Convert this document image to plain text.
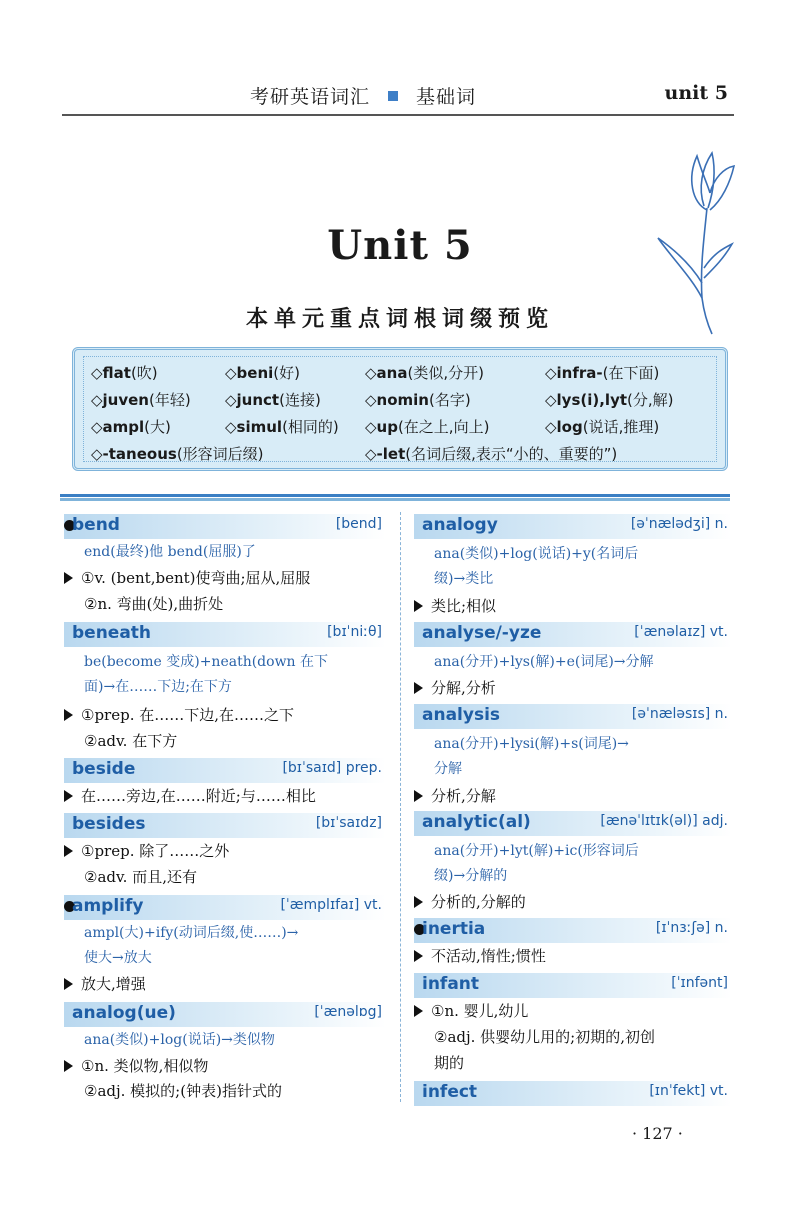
考研英语词汇 基础词	unit 5
Unit 5
本单元重点词根词缀预览
◇flat(吹)	◇beni(好)	◇ana(类似,分开)	◇infra-(在下面)
◇juven(年轻) ◇junct(连接)	◇nomin(名字)	◇lys(i),lyt(分,解)
◇ampl(大)	◇simul(相同的) ◇up(在之上,向上)	◇log(说话,推理)
◇-taneous(形容词后缀)	◇-let(名词后缀,表示“小的、重要的”)
bend	[bend]
end(最终)他 bend(屈服)了
①v. (bent,bent)使弯曲;屈从,屈服
②n. 弯曲(处),曲折处
beneath	[bɪˈniːθ]
be(become 变成)+neath(down 在下
面)→在……下边;在下方
①prep. 在……下边,在……之下
②adv. 在下方
beside	[bɪˈsaɪd] prep.
在……旁边,在……附近;与……相比
besides	[bɪˈsaɪdz]
①prep. 除了……之外
②adv. 而且,还有
amplify	[ˈæmplɪfaɪ] vt.
ampl(大)+ify(动词后缀,使……)→
使大→放大
放大,增强
analog(ue)	[ˈænəlɒg]
ana(类似)+log(说话)→类似物
①n. 类似物,相似物
②adj. 模拟的;(钟表)指针式的
analogy	[əˈnælədʒi] n.
ana(类似)+log(说话)+y(名词后
缀)→类比
类比;相似
analyse/-yze	[ˈænəlaɪz] vt.
ana(分开)+lys(解)+e(词尾)→分解
分解,分析
analysis	[əˈnæləsɪs] n.
ana(分开)+lysi(解)+s(词尾)→
分解
分析,分解
analytic(al)	[ænəˈlɪtɪk(əl)] adj.
ana(分开)+lyt(解)+ic(形容词后
缀)→分解的
分析的,分解的
inertia	[ɪˈnɜːʃə] n.
不活动,惰性;惯性
infant	[ˈɪnfənt]
①n. 婴儿,幼儿
②adj. 供婴幼儿用的;初期的,初创
期的
infect	[ɪnˈfekt] vt.
· 127 ·
